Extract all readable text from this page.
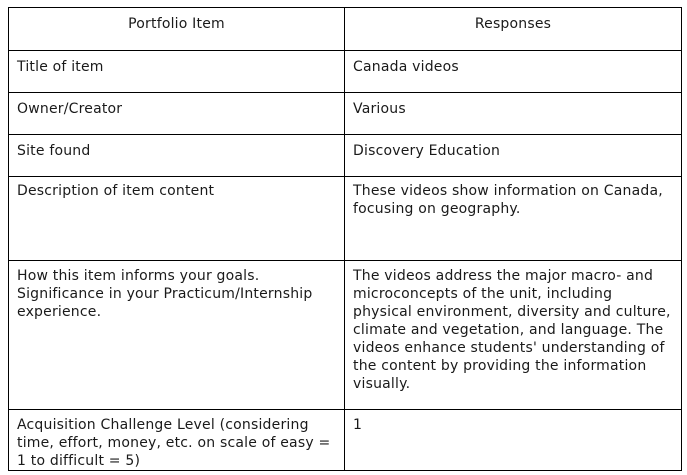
Portfolio Item	Responses
Title of item	Canada videos
Owner/Creator	Various
Site found	Discovery Education
Description of item content	These videos show information on Canada, focusing on geography.
How this item informs your goals. Significance in your Practicum/Internship experience.	The videos address the major macro- and microconcepts of the unit, including physical environment, diversity and culture, climate and vegetation, and language. The videos enhance students' understanding of the content by providing the information visually.
Acquisition Challenge Level (considering time, effort, money, etc. on scale of easy = 1 to difficult = 5)	1
